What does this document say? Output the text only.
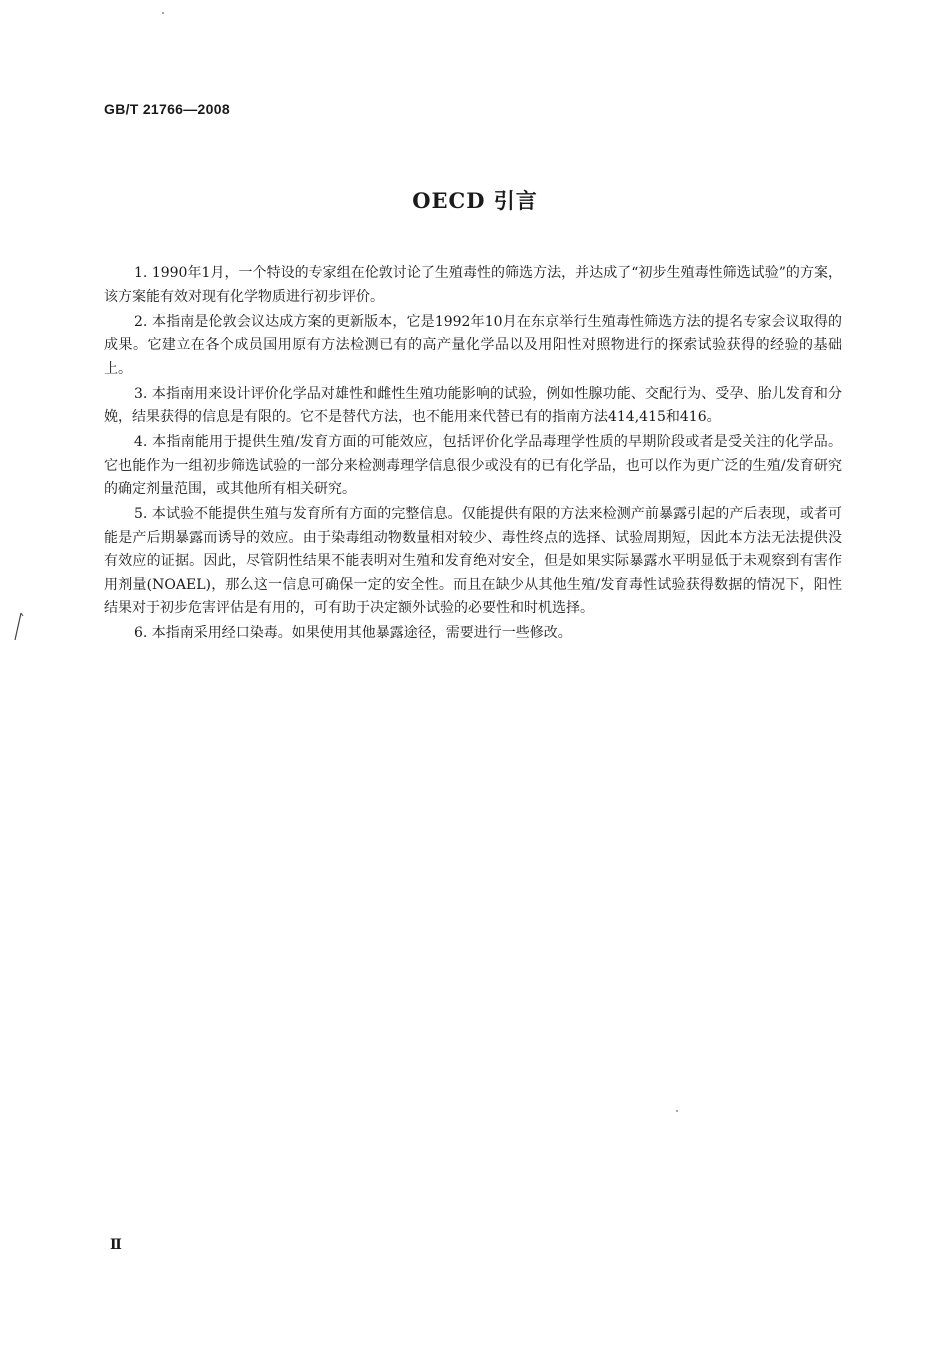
GB/T 21766—2008
OECD 引言

1. 1990年1月，一个特设的专家组在伦敦讨论了生殖毒性的筛选方法，并达成了“初步生殖毒性筛选试验”的方案，该方案能有效对现有化学物质进行初步评价。

2. 本指南是伦敦会议达成方案的更新版本，它是1992年10月在东京举行生殖毒性筛选方法的提名专家会议取得的成果。它建立在各个成员国用原有方法检测已有的高产量化学品以及用阳性对照物进行的探索试验获得的经验的基础上。

3. 本指南用来设计评价化学品对雄性和雌性生殖功能影响的试验，例如性腺功能、交配行为、受孕、胎儿发育和分娩，结果获得的信息是有限的。它不是替代方法，也不能用来代替已有的指南方法414,415和416。

4. 本指南能用于提供生殖/发育方面的可能效应，包括评价化学品毒理学性质的早期阶段或者是受关注的化学品。它也能作为一组初步筛选试验的一部分来检测毒理学信息很少或没有的已有化学品，也可以作为更广泛的生殖/发育研究的确定剂量范围，或其他所有相关研究。

5. 本试验不能提供生殖与发育所有方面的完整信息。仅能提供有限的方法来检测产前暴露引起的产后表现，或者可能是产后期暴露而诱导的效应。由于染毒组动物数量相对较少、毒性终点的选择、试验周期短，因此本方法无法提供没有效应的证据。因此，尽管阴性结果不能表明对生殖和发育绝对安全，但是如果实际暴露水平明显低于未观察到有害作用剂量(NOAEL)，那么这一信息可确保一定的安全性。而且在缺少从其他生殖/发育毒性试验获得数据的情况下，阳性结果对于初步危害评估是有用的，可有助于决定额外试验的必要性和时机选择。

6. 本指南采用经口染毒。如果使用其他暴露途径，需要进行一些修改。

Ⅱ
